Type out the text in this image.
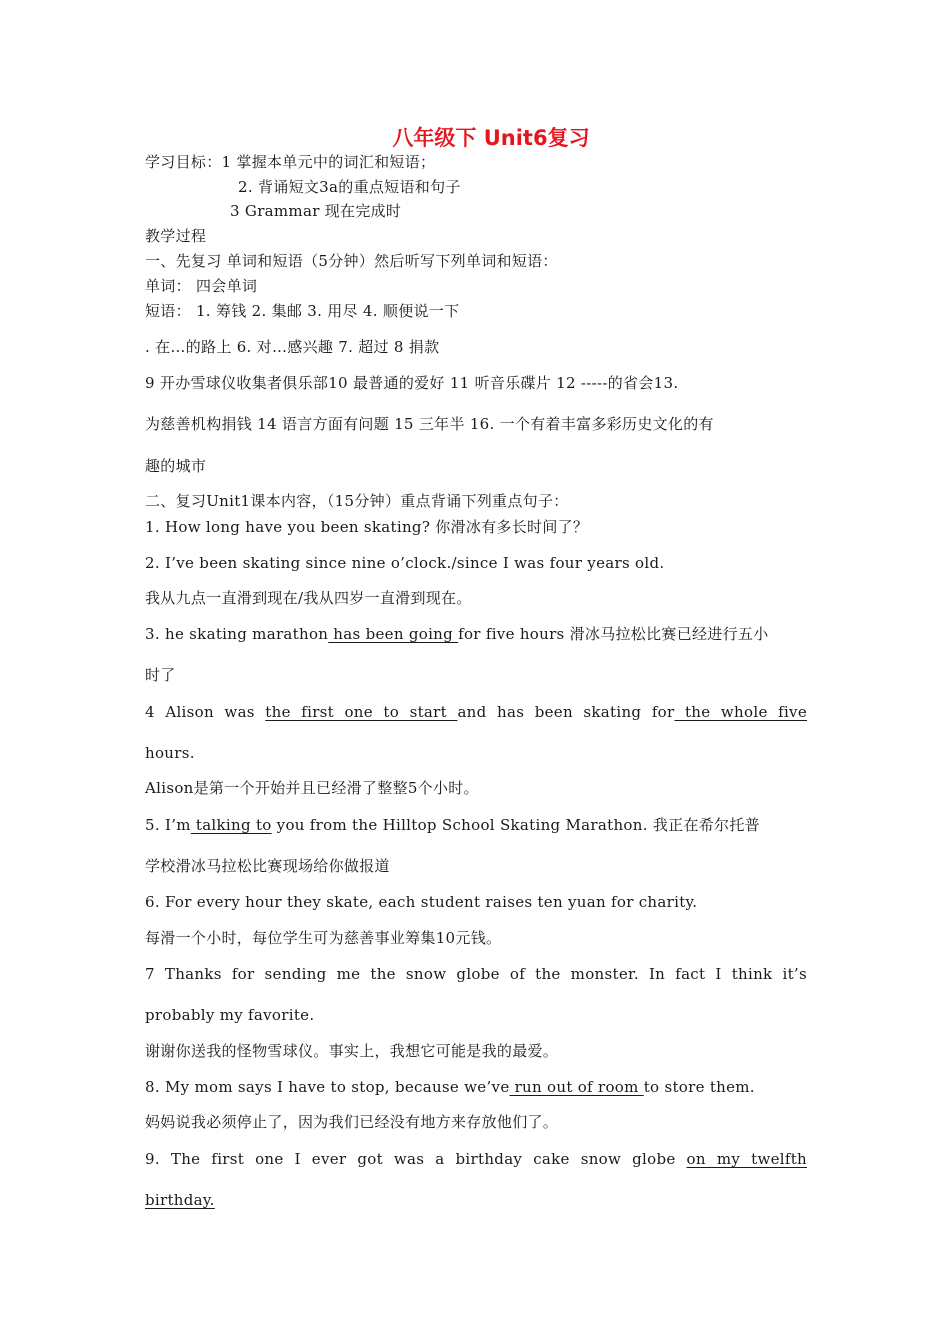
八年级下 Unit6复习
学习目标：1 掌握本单元中的词汇和短语；
2. 背诵短文3a的重点短语和句子
3 Grammar 现在完成时
教学过程
一、先复习 单词和短语（5分钟）然后听写下列单词和短语：
单词： 四会单词
短语： 1. 筹钱 2. 集邮 3. 用尽 4. 顺便说一下
. 在…的路上 6. 对…感兴趣 7. 超过 8 捐款
9 开办雪球仪收集者俱乐部10 最普通的爱好 11 听音乐碟片 12 -----的省会13.
为慈善机构捐钱 14 语言方面有问题 15 三年半 16. 一个有着丰富多彩历史文化的有
趣的城市
二、复习Unit1课本内容，（15分钟）重点背诵下列重点句子：
1. How long have you been skating? 你滑冰有多长时间了？
2. I’ve been skating since nine o’clock./since I was four years old.
我从九点一直滑到现在/我从四岁一直滑到现在。
3. he skating marathon has been going for five hours 滑冰马拉松比赛已经进行五小
时了
4 Alison was the first one to start and has been skating for the whole five
hours.
Alison是第一个开始并且已经滑了整整5个小时。
5. I’m talking to you from the Hilltop School Skating Marathon. 我正在希尔托普
学校滑冰马拉松比赛现场给你做报道
6. For every hour they skate, each student raises ten yuan for charity.
每滑一个小时，每位学生可为慈善事业筹集10元钱。
7 Thanks for sending me the snow globe of the monster. In fact I think it’s
probably my favorite.
谢谢你送我的怪物雪球仪。事实上，我想它可能是我的最爱。
8. My mom says I have to stop, because we’ve run out of room to store them.
妈妈说我必须停止了，因为我们已经没有地方来存放他们了。
9. The first one I ever got was a birthday cake snow globe on my twelfth
birthday.
